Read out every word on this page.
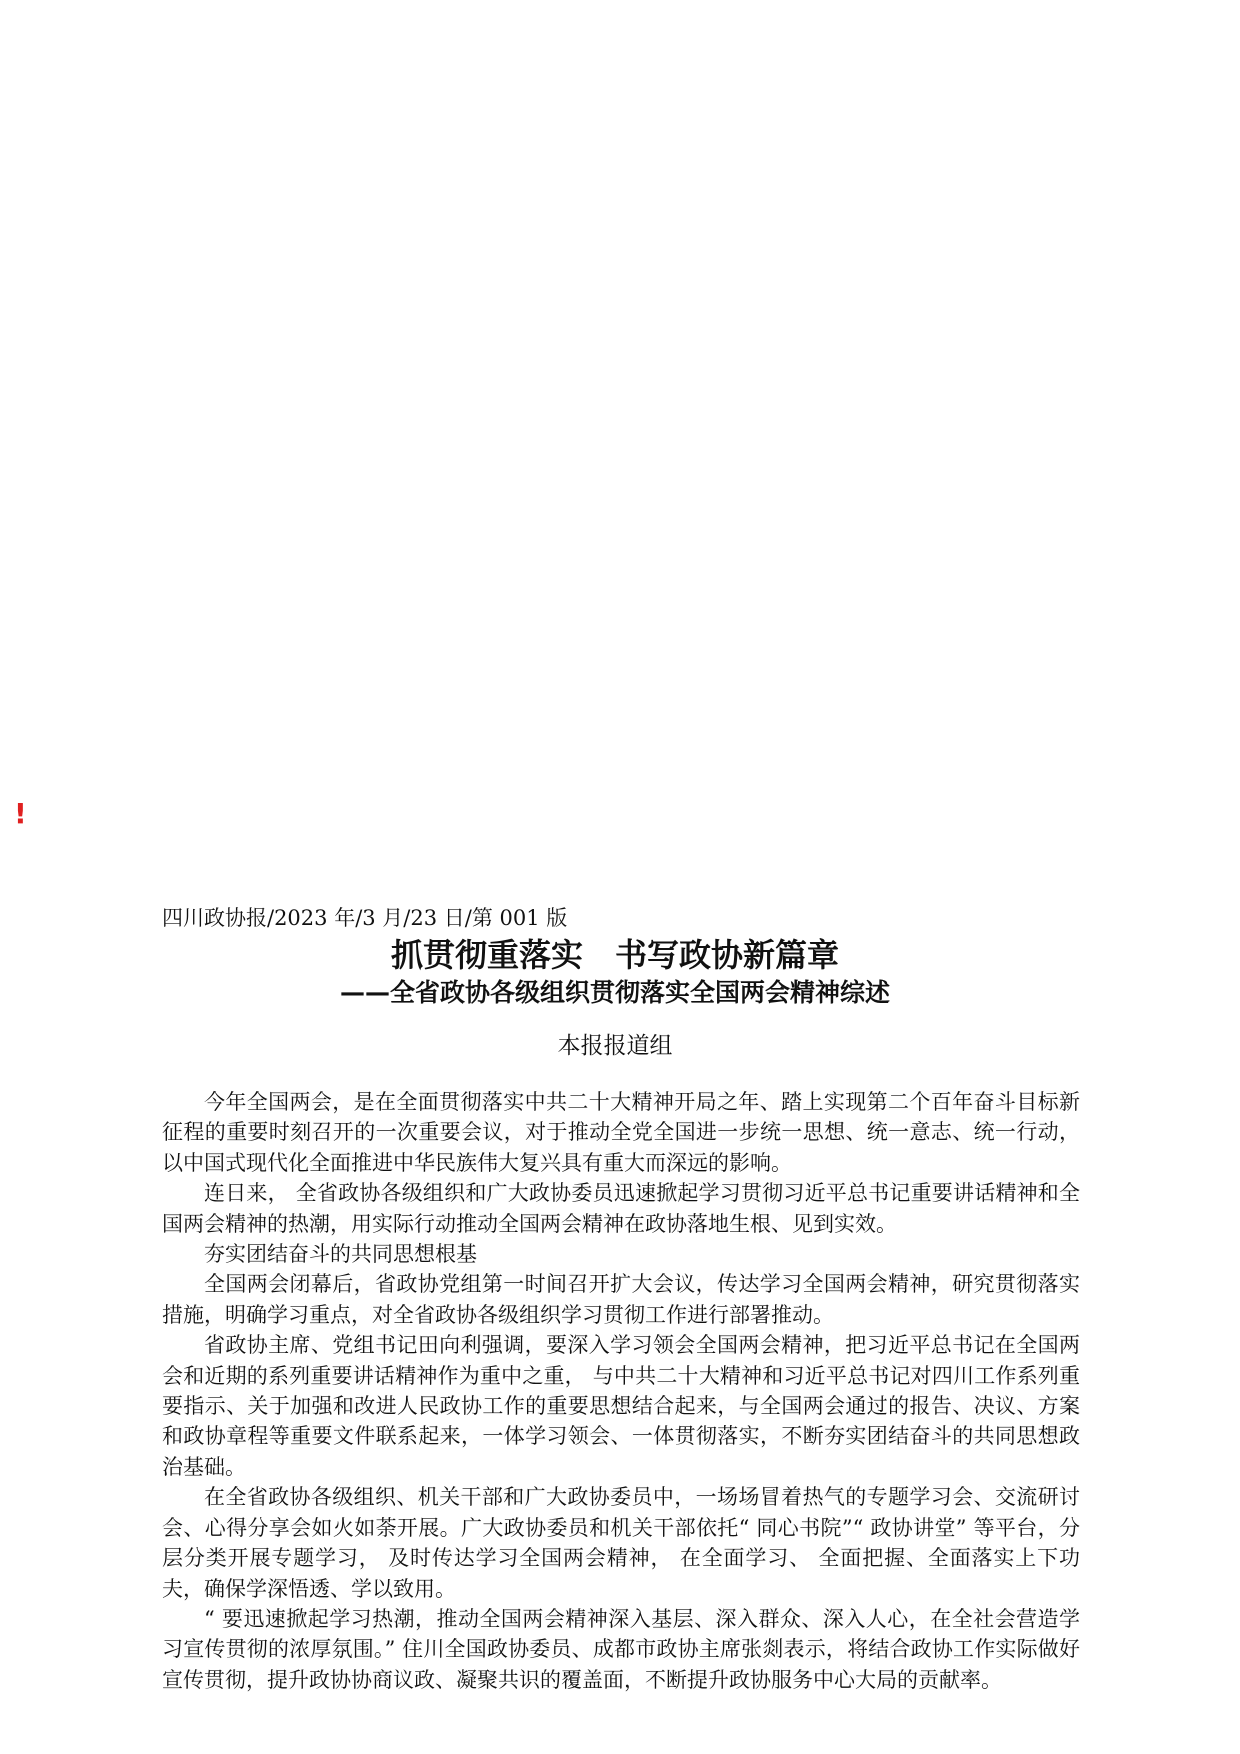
!
四川政协报/2023 年/3 月/23 日/第 001 版
抓贯彻重落实　书写政协新篇章
——全省政协各级组织贯彻落实全国两会精神综述
本报报道组

今年全国两会，是在全面贯彻落实中共二十大精神开局之年、踏上实现第二个百年奋斗目标新征程的重要时刻召开的一次重要会议，对于推动全党全国进一步统一思想、统一意志、统一行动，以中国式现代化全面推进中华民族伟大复兴具有重大而深远的影响。

连日来， 全省政协各级组织和广大政协委员迅速掀起学习贯彻习近平总书记重要讲话精神和全国两会精神的热潮，用实际行动推动全国两会精神在政协落地生根、见到实效。

夯实团结奋斗的共同思想根基

全国两会闭幕后，省政协党组第一时间召开扩大会议，传达学习全国两会精神，研究贯彻落实措施，明确学习重点，对全省政协各级组织学习贯彻工作进行部署推动。

省政协主席、党组书记田向利强调，要深入学习领会全国两会精神，把习近平总书记在全国两会和近期的系列重要讲话精神作为重中之重， 与中共二十大精神和习近平总书记对四川工作系列重要指示、关于加强和改进人民政协工作的重要思想结合起来，与全国两会通过的报告、决议、方案和政协章程等重要文件联系起来，一体学习领会、一体贯彻落实，不断夯实团结奋斗的共同思想政治基础。

在全省政协各级组织、机关干部和广大政协委员中，一场场冒着热气的专题学习会、交流研讨会、心得分享会如火如荼开展。广大政协委员和机关干部依托“ 同心书院”“ 政协讲堂” 等平台，分层分类开展专题学习， 及时传达学习全国两会精神， 在全面学习、 全面把握、全面落实上下功夫，确保学深悟透、学以致用。

“ 要迅速掀起学习热潮，推动全国两会精神深入基层、深入群众、深入人心，在全社会营造学习宣传贯彻的浓厚氛围。” 住川全国政协委员、成都市政协主席张剡表示，将结合政协工作实际做好宣传贯彻，提升政协协商议政、凝聚共识的覆盖面，不断提升政协服务中心大局的贡献率。
